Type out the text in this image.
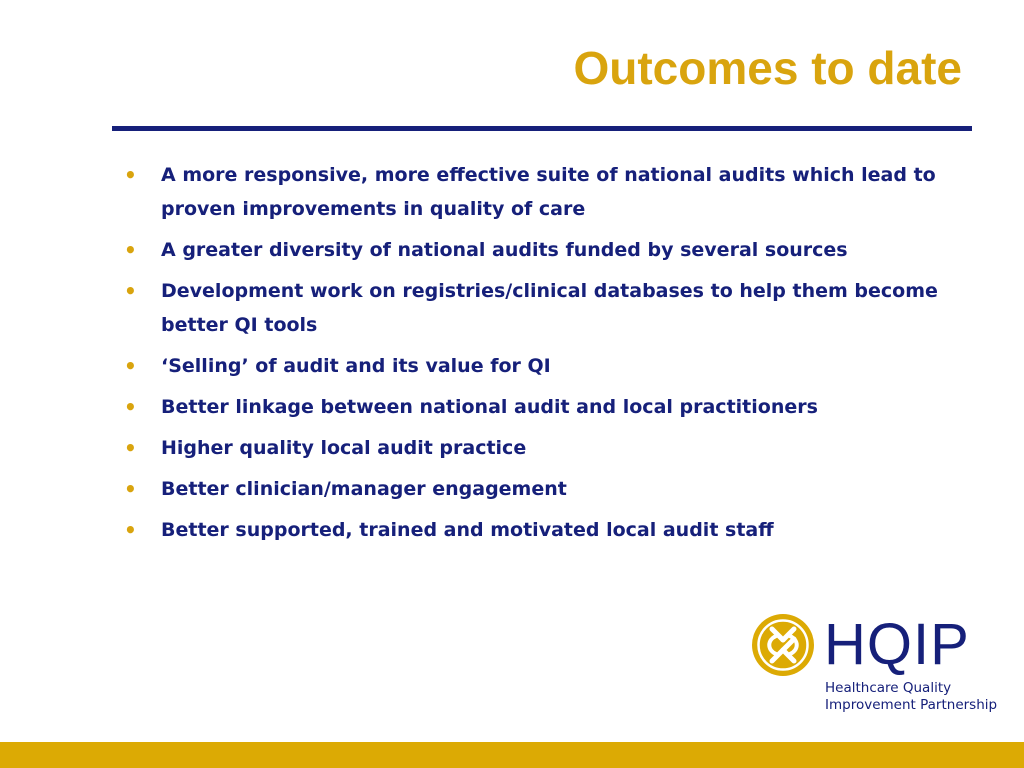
Outcomes to date
• A more responsive, more effective suite of national audits which lead to proven improvements in quality of care
• A greater diversity of national audits funded by several sources
• Development work on registries/clinical databases to help them become better QI tools
• ‘Selling’ of audit and its value for QI
• Better linkage between national audit and local practitioners
• Higher quality local audit practice
• Better clinician/manager engagement
• Better supported, trained and motivated local audit staff
HQIP
Healthcare Quality
Improvement Partnership
